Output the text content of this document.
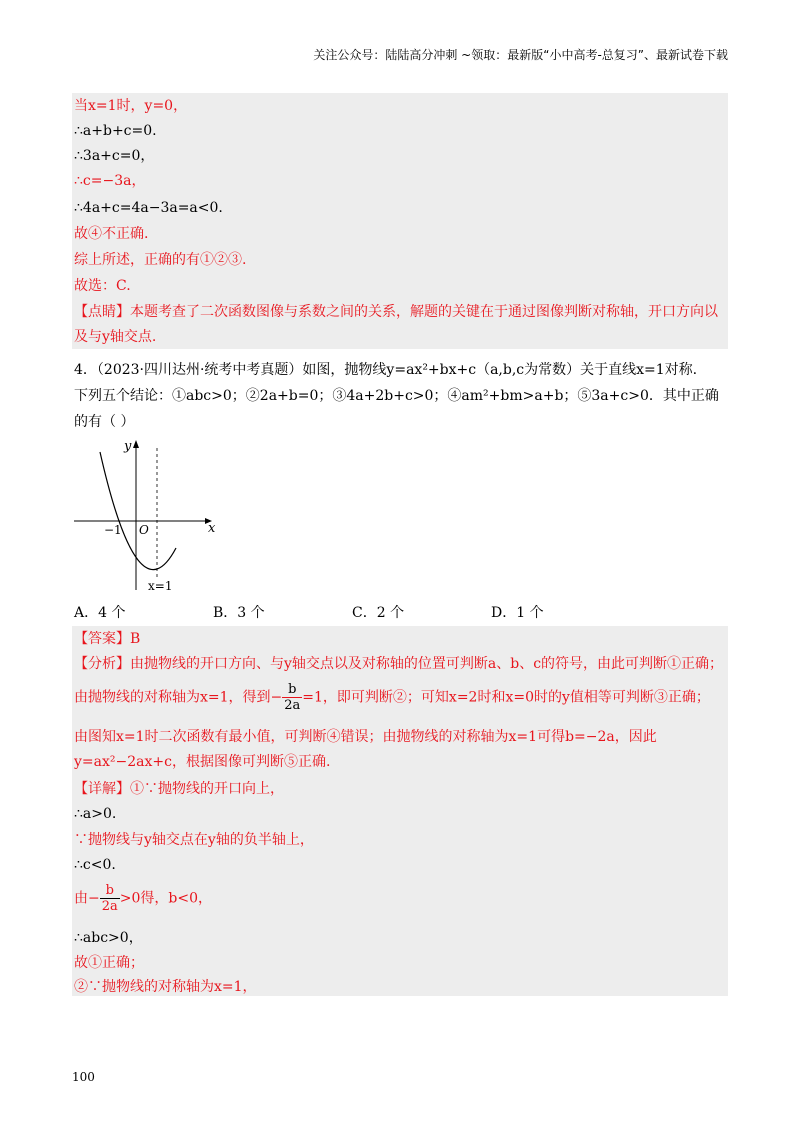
关注公众号：陆陆高分冲刺 ~领取：最新版“小中高考-总复习”、最新试卷下载
当x=1时，y=0，
∴a+b+c=0.
∴3a+c=0，
∴c=−3a，
∴4a+c=4a−3a=a<0.
故④不正确.
综上所述，正确的有①②③.
故选：C.
【点睛】本题考查了二次函数图像与系数之间的关系，解题的关键在于通过图像判断对称轴，开口方向以
及与y轴交点.
4．（2023·四川达州·统考中考真题）如图，抛物线y=ax²+bx+c（a,b,c为常数）关于直线x=1对称.
下列五个结论：①abc>0；②2a+b=0；③4a+2b+c>0；④am²+bm>a+b；⑤3a+c>0．其中正确
的有（ ）
y
x
−1 O
x=1
A．4 个	B．3 个	C．2 个	D．1 个
【答案】B
【分析】由抛物线的开口方向、与y轴交点以及对称轴的位置可判断a、b、c的符号，由此可判断①正确；
由抛物线的对称轴为x=1，得到− $\frac{b}{2a} =1$，即可判断②；可知x=2时和x=0时的y值相等可判断③正确；
由图知x=1时二次函数有最小值，可判断④错误；由抛物线的对称轴为x=1可得b=−2a，因此
y=ax²−2ax+c，根据图像可判断⑤正确.
【详解】①∵抛物线的开口向上，
∴a>0.
∵抛物线与y轴交点在y轴的负半轴上，
∴c<0.
由− $\frac{b}{2a} >0$得，b<0，
∴abc>0，
故①正确；
②∵抛物线的对称轴为x=1，
100
